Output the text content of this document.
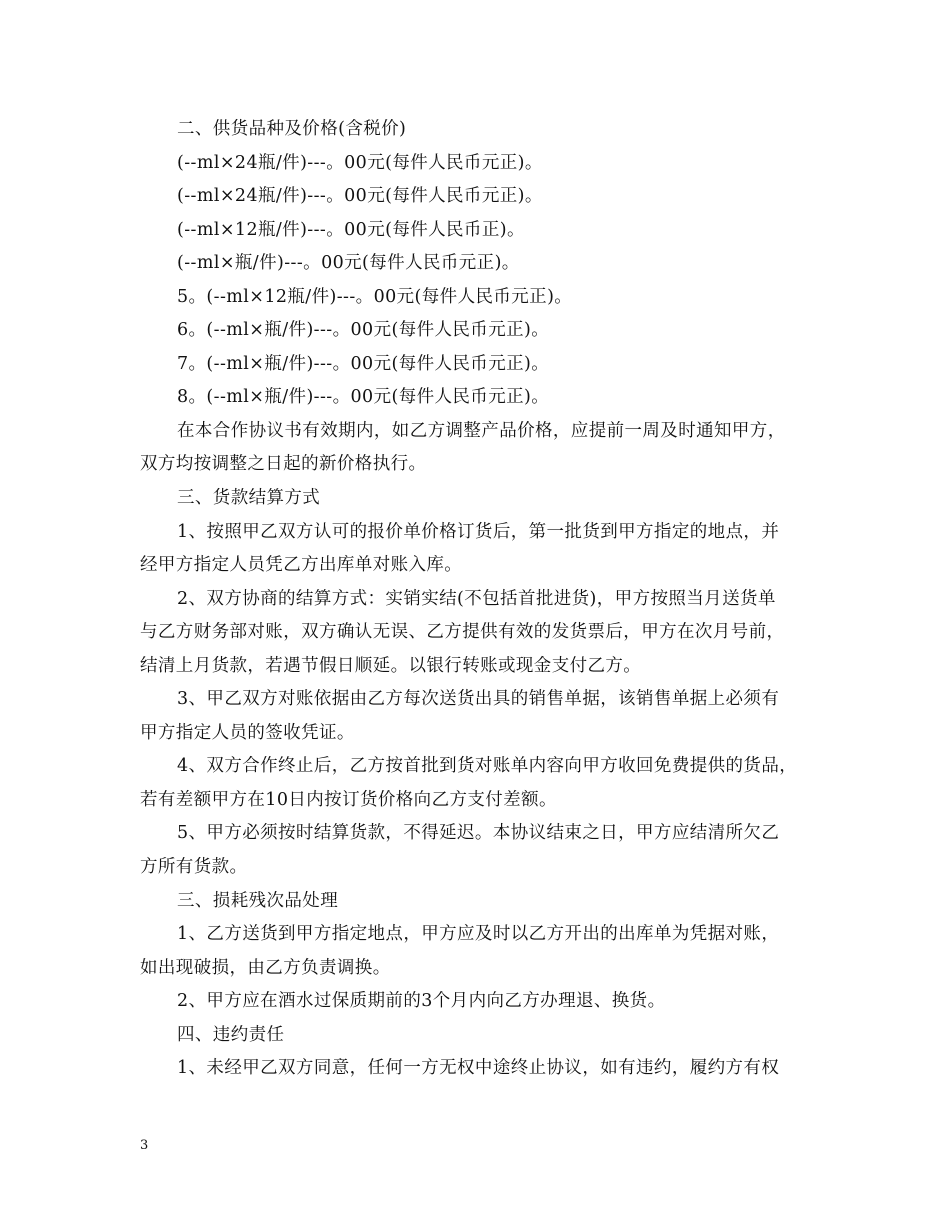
二、供货品种及价格(含税价)
(--ml×24瓶/件)---。00元(每件人民币元正)。
(--ml×24瓶/件)---。00元(每件人民币元正)。
(--ml×12瓶/件)---。00元(每件人民币正)。
(--ml×瓶/件)---。00元(每件人民币元正)。
5。(--ml×12瓶/件)---。00元(每件人民币元正)。
6。(--ml×瓶/件)---。00元(每件人民币元正)。
7。(--ml×瓶/件)---。00元(每件人民币元正)。
8。(--ml×瓶/件)---。00元(每件人民币元正)。
在本合作协议书有效期内，如乙方调整产品价格，应提前一周及时通知甲方，
双方均按调整之日起的新价格执行。
三、货款结算方式
1、按照甲乙双方认可的报价单价格订货后，第一批货到甲方指定的地点，并
经甲方指定人员凭乙方出库单对账入库。
2、双方协商的结算方式：实销实结(不包括首批进货)，甲方按照当月送货单
与乙方财务部对账，双方确认无误、乙方提供有效的发货票后，甲方在次月号前，
结清上月货款，若遇节假日顺延。以银行转账或现金支付乙方。
3、甲乙双方对账依据由乙方每次送货出具的销售单据，该销售单据上必须有
甲方指定人员的签收凭证。
4、双方合作终止后，乙方按首批到货对账单内容向甲方收回免费提供的货品，
若有差额甲方在10日内按订货价格向乙方支付差额。
5、甲方必须按时结算货款，不得延迟。本协议结束之日，甲方应结清所欠乙
方所有货款。
三、损耗残次品处理
1、乙方送货到甲方指定地点，甲方应及时以乙方开出的出库单为凭据对账，
如出现破损，由乙方负责调换。
2、甲方应在酒水过保质期前的3个月内向乙方办理退、换货。
四、违约责任
1、未经甲乙双方同意，任何一方无权中途终止协议，如有违约，履约方有权
3
